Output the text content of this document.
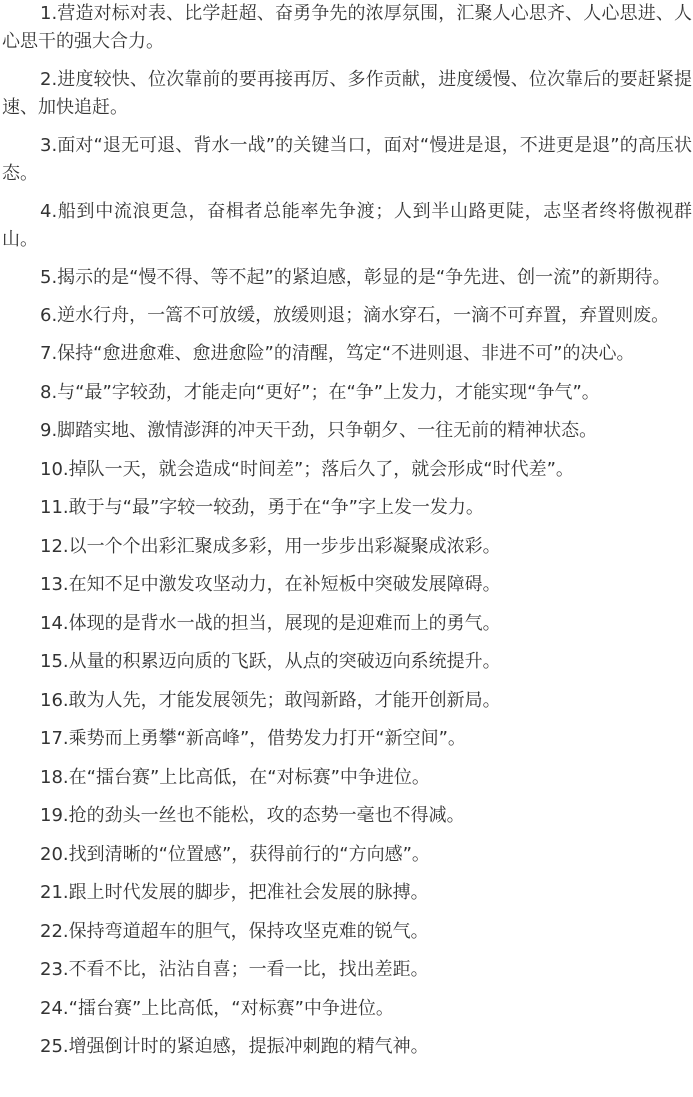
1.营造对标对表、比学赶超、奋勇争先的浓厚氛围，汇聚人心思齐、人心思进、人心思干的强大合力。

2.进度较快、位次靠前的要再接再厉、多作贡献，进度缓慢、位次靠后的要赶紧提速、加快追赶。

3.面对“退无可退、背水一战”的关键当口，面对“慢进是退，不进更是退”的高压状态。

4.船到中流浪更急，奋楫者总能率先争渡；人到半山路更陡，志坚者终将傲视群山。

5.揭示的是“慢不得、等不起”的紧迫感，彰显的是“争先进、创一流”的新期待。

6.逆水行舟，一篙不可放缓，放缓则退；滴水穿石，一滴不可弃置，弃置则废。

7.保持“愈进愈难、愈进愈险”的清醒，笃定“不进则退、非进不可”的决心。

8.与“最”字较劲，才能走向“更好”；在“争”上发力，才能实现“争气”。

9.脚踏实地、激情澎湃的冲天干劲，只争朝夕、一往无前的精神状态。

10.掉队一天，就会造成“时间差”；落后久了，就会形成“时代差”。

11.敢于与“最”字较一较劲，勇于在“争”字上发一发力。

12.以一个个出彩汇聚成多彩，用一步步出彩凝聚成浓彩。

13.在知不足中激发攻坚动力，在补短板中突破发展障碍。

14.体现的是背水一战的担当，展现的是迎难而上的勇气。

15.从量的积累迈向质的飞跃，从点的突破迈向系统提升。

16.敢为人先，才能发展领先；敢闯新路，才能开创新局。

17.乘势而上勇攀“新高峰”，借势发力打开“新空间”。

18.在“擂台赛”上比高低，在“对标赛”中争进位。

19.抢的劲头一丝也不能松，攻的态势一毫也不得减。

20.找到清晰的“位置感”，获得前行的“方向感”。

21.跟上时代发展的脚步，把准社会发展的脉搏。

22.保持弯道超车的胆气，保持攻坚克难的锐气。

23.不看不比，沾沾自喜；一看一比，找出差距。

24.“擂台赛”上比高低，“对标赛”中争进位。

25.增强倒计时的紧迫感，提振冲刺跑的精气神。
